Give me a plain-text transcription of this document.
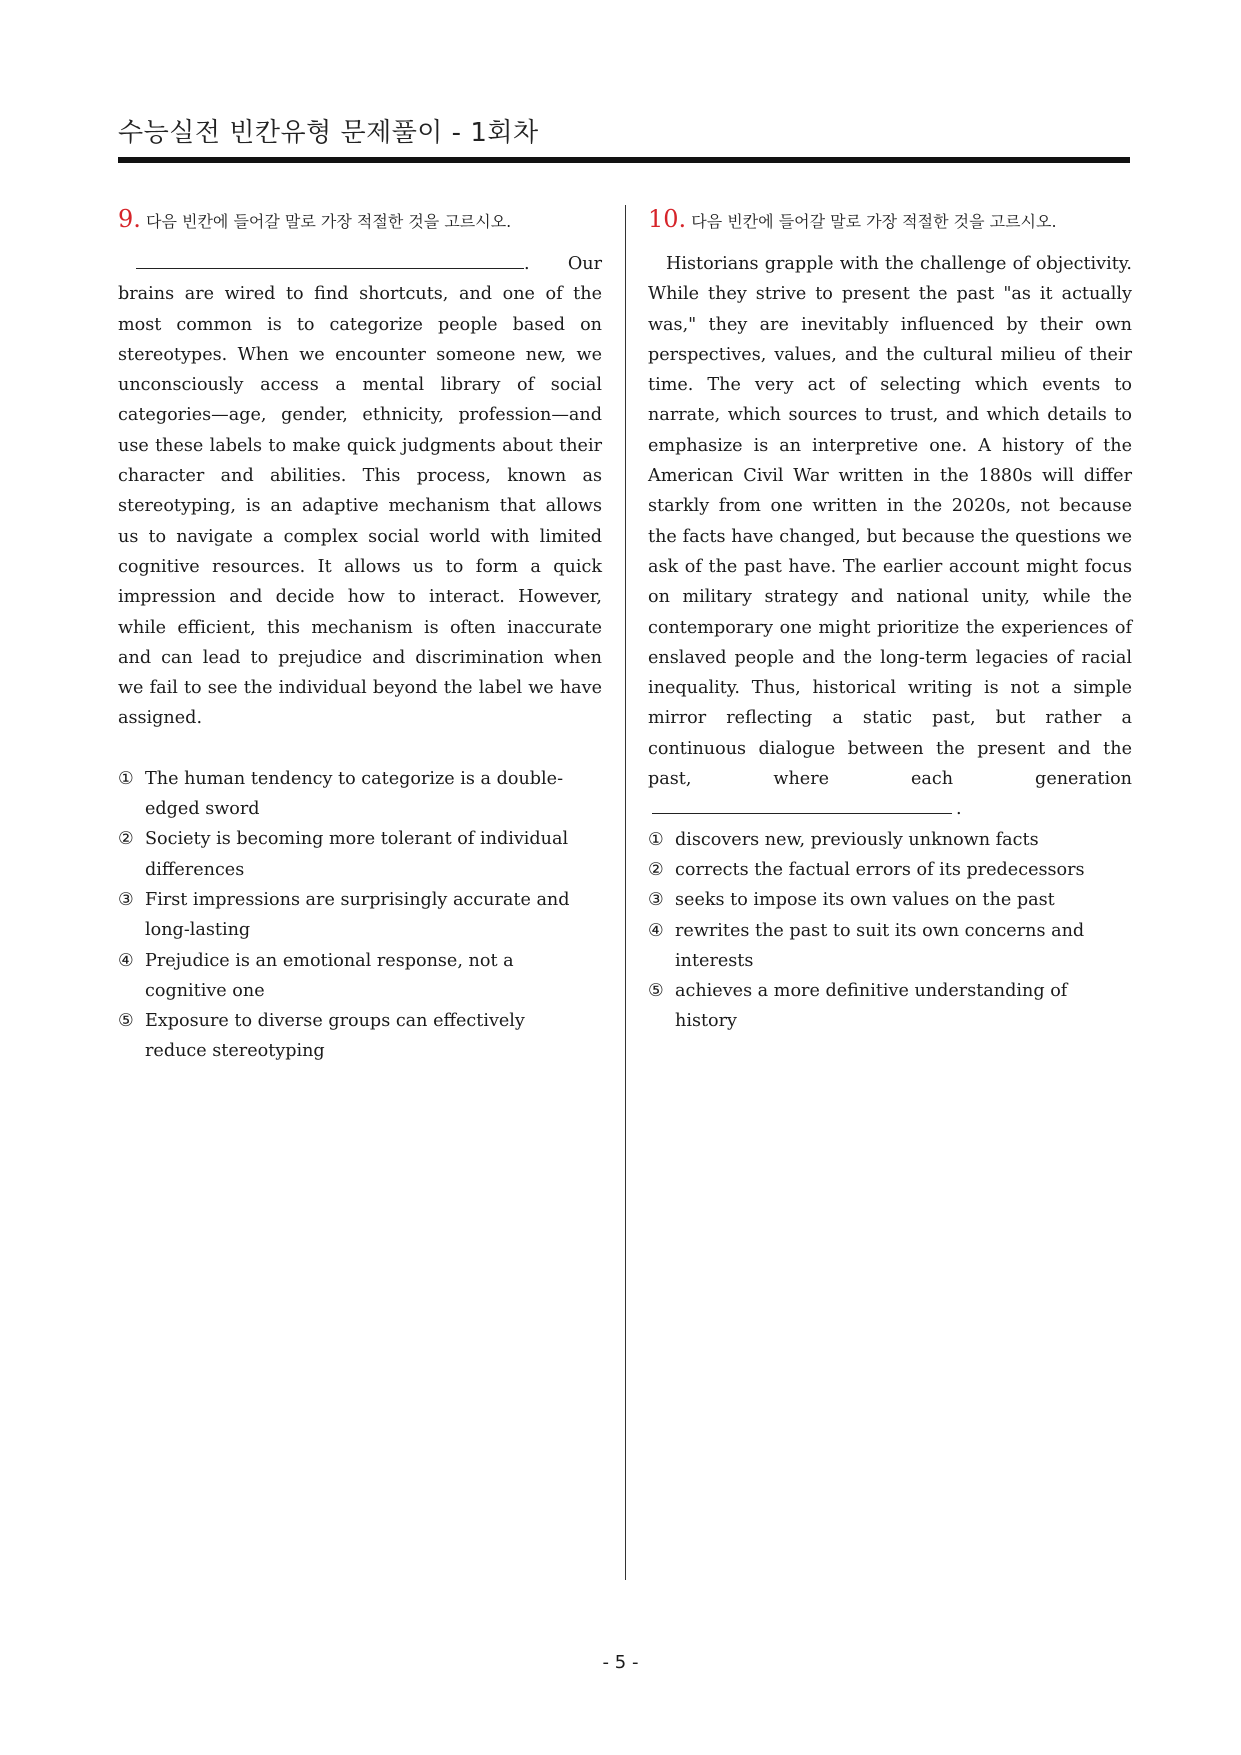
수능실전 빈칸유형 문제풀이 - 1회차
9. 다음 빈칸에 들어갈 말로 가장 적절한 것을 고르시오.

. Our brains are wired to find shortcuts, and one of the most common is to categorize people based on stereotypes. When we encounter someone new, we unconsciously access a mental library of social categories—age, gender, ethnicity, profession—and use these labels to make quick judgments about their character and abilities. This process, known as stereotyping, is an adaptive mechanism that allows us to navigate a complex social world with limited cognitive resources. It allows us to form a quick impression and decide how to interact. However, while efficient, this mechanism is often inaccurate and can lead to prejudice and discrimination when we fail to see the individual beyond the label we have assigned.

① The human tendency to categorize is a double-edged sword
② Society is becoming more tolerant of individual differences
③ First impressions are surprisingly accurate and long-lasting
④ Prejudice is an emotional response, not a cognitive one
⑤ Exposure to diverse groups can effectively reduce stereotyping
10. 다음 빈칸에 들어갈 말로 가장 적절한 것을 고르시오.

Historians grapple with the challenge of objectivity. While they strive to present the past "as it actually was," they are inevitably influenced by their own perspectives, values, and the cultural milieu of their time. The very act of selecting which events to narrate, which sources to trust, and which details to emphasize is an interpretive one. A history of the American Civil War written in the 1880s will differ starkly from one written in the 2020s, not because the facts have changed, but because the questions we ask of the past have. The earlier account might focus on military strategy and national unity, while the contemporary one might prioritize the experiences of enslaved people and the long-term legacies of racial inequality. Thus, historical writing is not a simple mirror reflecting a static past, but rather a continuous dialogue between the present and the past, where each generation .

① discovers new, previously unknown facts
② corrects the factual errors of its predecessors
③ seeks to impose its own values on the past
④ rewrites the past to suit its own concerns and interests
⑤ achieves a more definitive understanding of history
- 5 -
